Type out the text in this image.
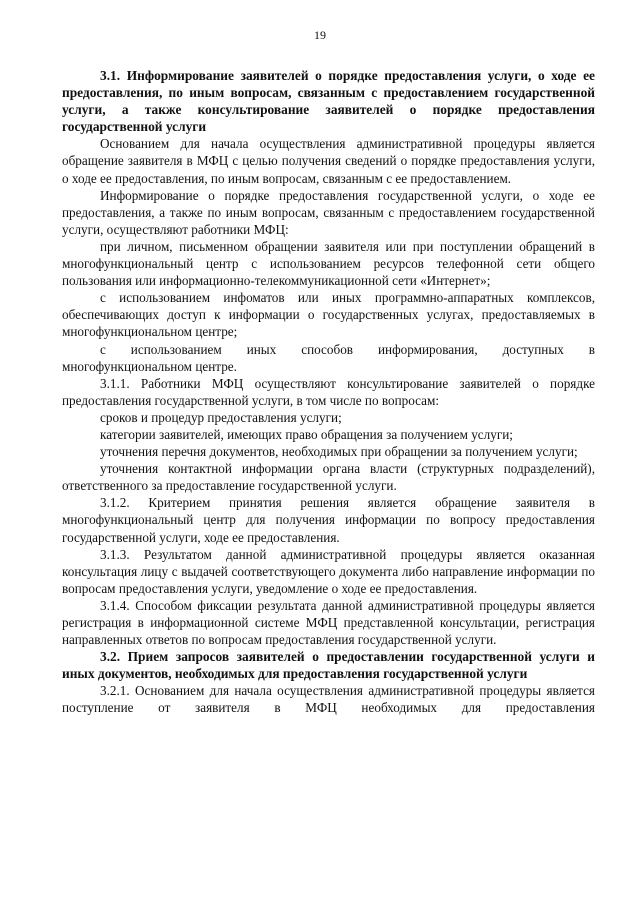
19

3.1. Информирование заявителей о порядке предоставления услуги, о ходе ее предоставления, по иным вопросам, связанным с предоставлением государственной услуги, а также консультирование заявителей о порядке предоставления государственной услуги

Основанием для начала осуществления административной процедуры является обращение заявителя в МФЦ с целью получения сведений о порядке предоставления услуги, о ходе ее предоставления, по иным вопросам, связанным с ее предоставлением.

Информирование о порядке предоставления государственной услуги, о ходе ее предоставления, а также по иным вопросам, связанным с предоставлением государственной услуги, осуществляют работники МФЦ:

при личном, письменном обращении заявителя или при поступлении обращений в многофункциональный центр с использованием ресурсов телефонной сети общего пользования или информационно-телекоммуникационной сети «Интернет»;

с использованием инфоматов или иных программно-аппаратных комплексов, обеспечивающих доступ к информации о государственных услугах, предоставляемых в многофункциональном центре;

с использованием иных способов информирования, доступных в многофункциональном центре.

3.1.1. Работники МФЦ осуществляют консультирование заявителей о порядке предоставления государственной услуги, в том числе по вопросам:

сроков и процедур предоставления услуги;

категории заявителей, имеющих право обращения за получением услуги;

уточнения перечня документов, необходимых при обращении за получением услуги;

уточнения контактной информации органа власти (структурных подразделений), ответственного за предоставление государственной услуги.

3.1.2. Критерием принятия решения является обращение заявителя в многофункциональный центр для получения информации по вопросу предоставления государственной услуги, ходе ее предоставления.

3.1.3. Результатом данной административной процедуры является оказанная консультация лицу с выдачей соответствующего документа либо направление информации по вопросам предоставления услуги, уведомление о ходе ее предоставления.

3.1.4. Способом фиксации результата данной административной процедуры является регистрация в информационной системе МФЦ представленной консультации, регистрация направленных ответов по вопросам предоставления государственной услуги.

3.2. Прием запросов заявителей о предоставлении государственной услуги и иных документов, необходимых для предоставления государственной услуги

3.2.1. Основанием для начала осуществления административной процедуры является поступление от заявителя в МФЦ необходимых для предоставления
